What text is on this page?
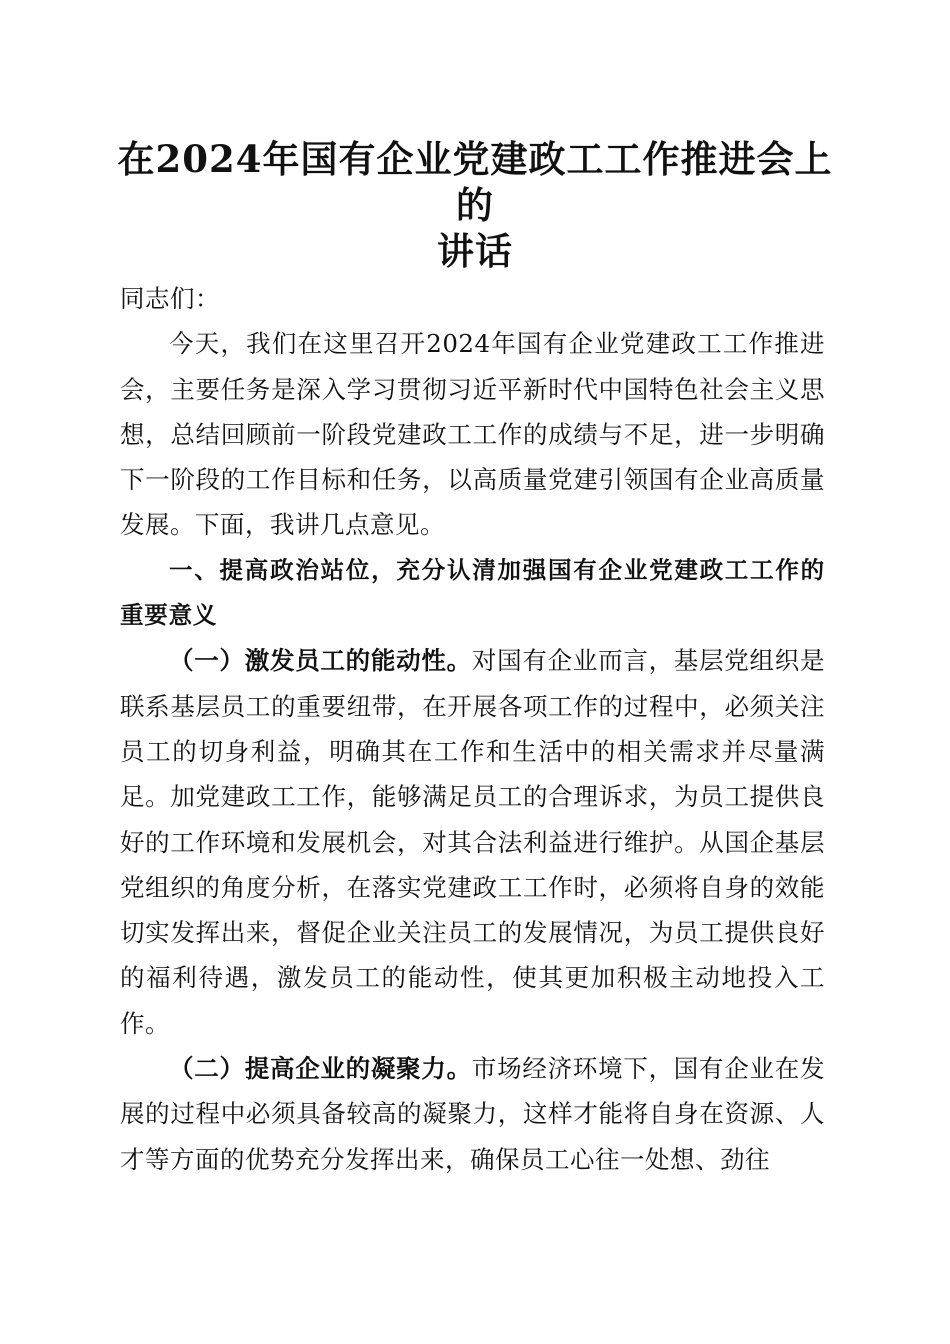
在2024年国有企业党建政工工作推进会上的
讲话

同志们：

今天，我们在这里召开2024年国有企业党建政工工作推进会，主要任务是深入学习贯彻习近平新时代中国特色社会主义思想，总结回顾前一阶段党建政工工作的成绩与不足，进一步明确下一阶段的工作目标和任务，以高质量党建引领国有企业高质量发展。下面，我讲几点意见。

一、提高政治站位，充分认清加强国有企业党建政工工作的重要意义

（一）激发员工的能动性。对国有企业而言，基层党组织是联系基层员工的重要纽带，在开展各项工作的过程中，必须关注员工的切身利益，明确其在工作和生活中的相关需求并尽量满足。加党建政工工作，能够满足员工的合理诉求，为员工提供良好的工作环境和发展机会，对其合法利益进行维护。从国企基层党组织的角度分析，在落实党建政工工作时，必须将自身的效能切实发挥出来，督促企业关注员工的发展情况，为员工提供良好的福利待遇，激发员工的能动性，使其更加积极主动地投入工作。

（二）提高企业的凝聚力。市场经济环境下，国有企业在发展的过程中必须具备较高的凝聚力，这样才能将自身在资源、人才等方面的优势充分发挥出来，确保员工心往一处想、劲往
